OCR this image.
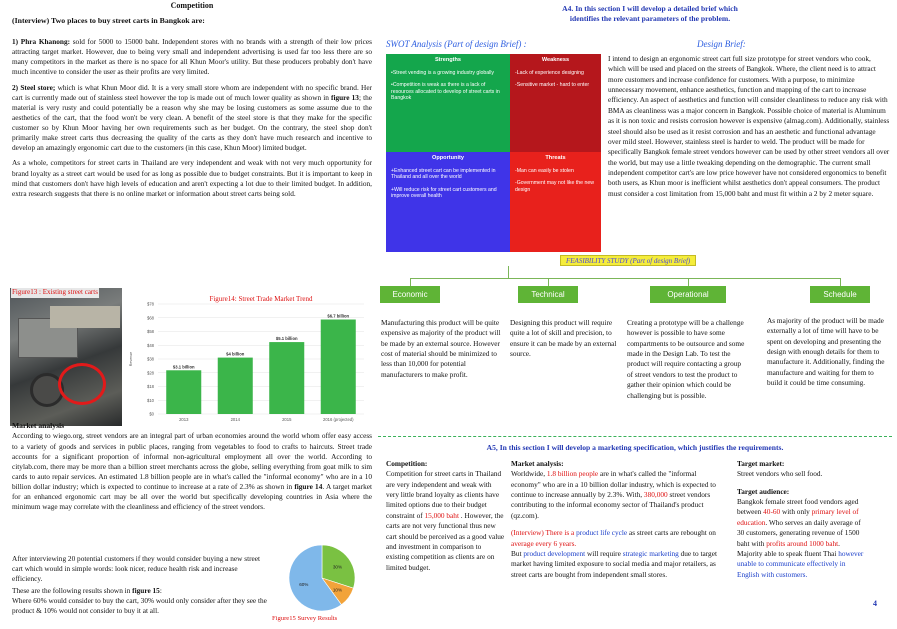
Competition
(Interview) Two places to buy street carts in Bangkok are:

1) Phra Khanong: sold for 5000 to 15000 baht. Independent stores with no brands with a strength of their low prices attracting target market. However, due to being very small and independent advertising is used far too less there are so many competitors in the market as there is no space for all Khun Moor's utility. But these producers probably don't have much incentive to consider the user as their profits are very limited.

2) Steel store; which is what Khun Moor did. It is a very small store whom are independent with no specific brand. Her cart is currently made out of stainless steel however the top is made out of much lower quality as shown in figure 13; the material is very rusty and could potentially be a reason why she may be losing customers as some assume due to the aesthetics of the cart, that the food won't be very clean. A benefit of the steel store is that they make for the specific customer so by Khun Moor having her own requirements such as her budget. On the contrary, the steel shop don't primarily make street carts thus decreasing the quality of the carts as they don't have much research and incentive to develop an amazingly ergonomic cart due to the customers (in this case, Khun Moor) limited budget.

As a whole, competitors for street carts in Thailand are very independent and weak with not very much opportunity for brand loyalty as a street cart would be used for as long as possible due to budget constraints. But it is important to keep in mind that customers don't have high levels of education and aren't expecting a lot due to their limited budget. In addition, extra research suggests that there is no online market or information about street carts being sold.

Figure13 : Existing street carts
$0
$10
$18
$28
$38
$48
$58
$68
$78
Revenue
Figure14: Street Trade Market Trend
$3.1 billion
2013
$4 billion
2014
$5.1 billion
2015
$6.7 billion
2016 (projected)
Market analysis

According to wiego.org, street vendors are an integral part of urban economies around the world whom offer easy access to a variety of goods and services in public places, ranging from vegetables to food to crafts to haircuts. Street trade accounts for a significant proportion of informal non-agricultural employment all over the world. According to citylab.com, there may be more than a billion street merchants across the globe, selling everything from goat milk to sim cards to auto repair services. An estimated 1.8 billion people are in what's called the "informal economy" who are in a 10 billion dollar industry; which is expected to continue to increase at a rate of 2.3% as shown in figure 14. A target market for an enhanced ergonomic cart may be all over the world but specifically developing countries in Asia where the minimum wage may correlate with the cleanliness and efficiency of the street vendors.

After interviewing 20 potential customers if they would consider buying a new street cart which would in simple words: look nicer, reduce health risk and increase efficiency.

These are the following results shown in figure 15:

Where 60% would consider to buy the cart, 30% would only consider after they see the product & 10% would not consider to buy it at all.

30%
10%
60%
Figure15 Survey Results
A4. In this section I will develop a detailed brief which
identifies the relevant parameters of the problem.
SWOT Analysis (Part of design Brief) :	Design Brief:
Strengths
•Street vending is a growing industry globally
•Competition is weak as there is a lack of resources allocated to develop of street carts in Bangkok
Weakness
-Lack of experience designing
-Sensitive market - hard to enter
Opportunity
+Enhanced street cart can be implemented in Thailand and all over the world
+Will reduce risk for street cart customers and improve overall health
Threats
-Man can easily be stolen
-Government may not like the new design
I intend to design an ergonomic street cart full size prototype for street vendors who cook, which will be used and placed on the streets of Bangkok. Where, the client need is to attract more customers and increase confidence for customers. With a purpose, to minimize unnecessary movement, enhance aesthetics, function and mapping of the cart to increase efficiency. An aspect of aesthetics and function will consider cleanliness to reduce any risk with BMA as cleanliness was a major concern in Bangkok. Possible choice of material is Aluminum as it is non toxic and resists corrosion however is expensive (almag.com). Additionally, stainless steel should also be used as it resist corrosion and has an aesthetic and functional advantage over mild steel. However, stainless steel is harder to weld. The product will be made for specifically Bangkok female street vendors however can be used by other street vendors all over the world, but may use a little tweaking depending on the demographic. The current small independent competitor cart's are low price however have not considered ergonomics to benefit both users, as Khun moor is inefficient whilst aesthetics don't appeal consumers. The product must consider a cost limitation from 15,000 baht and must fit within a 2 by 2 meter square.
FEASIBILITY STUDY (Part of design Brief)
Economic	Technical	Operational	Schedule
Manufacturing this product will be quite expensive as majority of the product will be made by an external source. However cost of material should be minimized to less than 10,000 for potential manufacturers to make profit.
Designing this product will require quite a lot of skill and precision, to ensure it can be made by an external source.
Creating a prototype will be a challenge however is possible to have some compartments to be outsource and some made in the Design Lab. To test the product will require contacting a group of street vendors to test the product to gather their opinion which could be challenging but is possible.
As majority of the product will be made externally a lot of time will have to be spent on developing and presenting the design with enough details for them to manufacture it. Additionally, finding the manufacture and waiting for them to build it could be time consuming.
A5, In this section I will develop a marketing specification, which justifies the requirements.
Competition:

Competition for street carts in Thailand are very independent and weak with very little brand loyalty as clients have limited options due to their budget constraint of 15,000 baht . However, the carts are not very functional thus new cart should be perceived as a good value and investment in comparison to existing competition as clients are on limited budget.

Market analysis:

Worldwide, 1.8 billion people are in what's called the "informal economy" who are in a 10 billion dollar industry, which is expected to continue to increase annually by 2.3%. With, 380,000 street vendors contributing to the informal economy sector of Thailand's product (qz.com).

(Interview) There is a product life cycle as street carts are rebought on average every 6 years.

But product development will require strategic marketing due to target market having limited exposure to social media and major retailers, as street carts are bought from independent small stores.

Target market:

Street vendors who sell food.

Target audience:

Bangkok female street food vendors aged between 40-60 with only primary level of education. Who serves an daily average of 30 customers, generating revenue of 1500 baht with profits around 1000 baht. Majority able to speak fluent Thai however unable to communicate effectively in English with customers.

4
